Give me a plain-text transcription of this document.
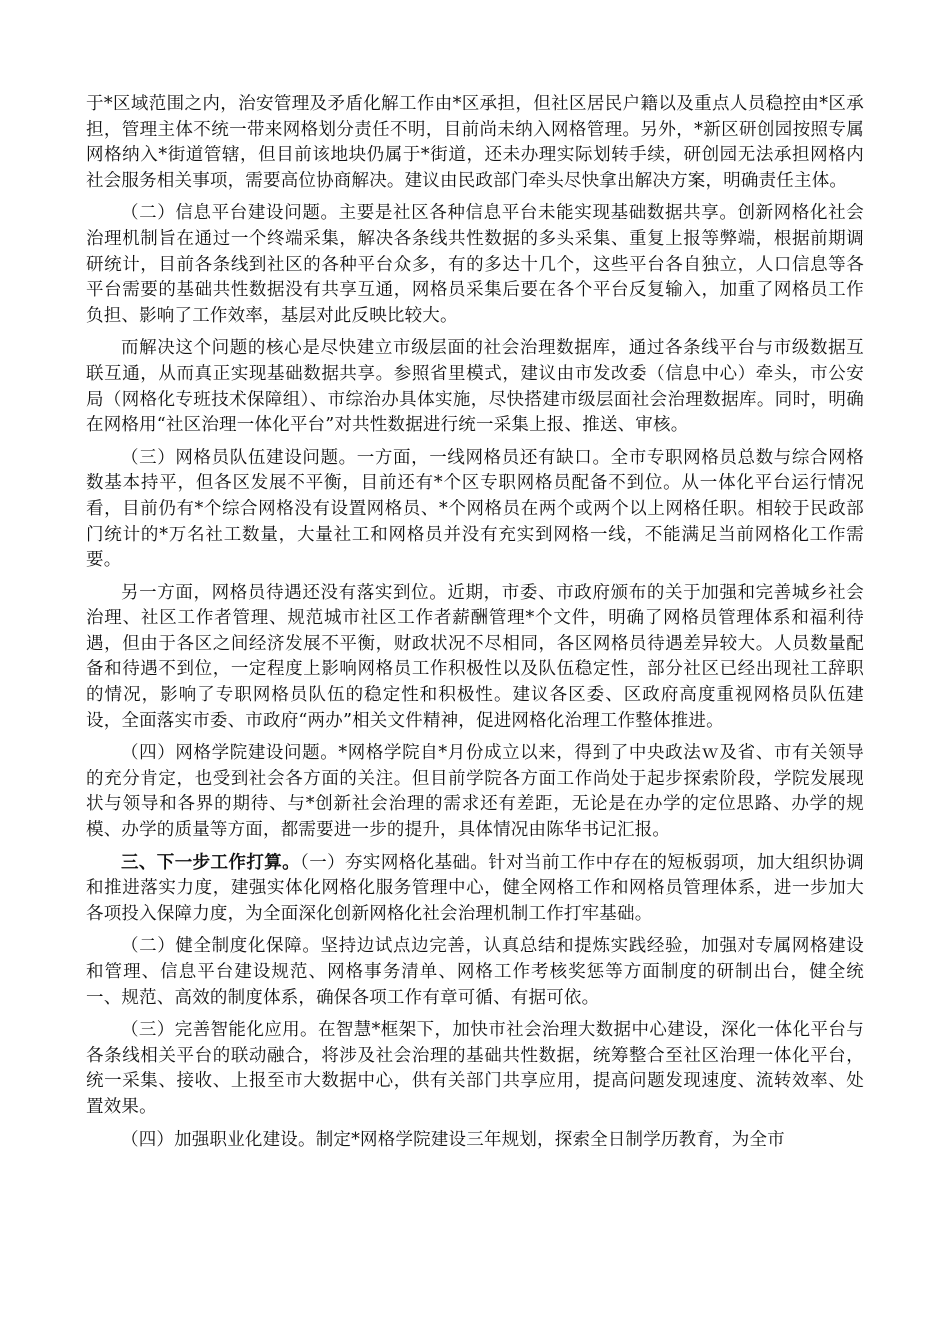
于*区域范围之内，治安管理及矛盾化解工作由*区承担，但社区居民户籍以及重点人员稳控由*区承担，管理主体不统一带来网格划分责任不明，目前尚未纳入网格管理。另外，*新区研创园按照专属网格纳入*街道管辖，但目前该地块仍属于*街道，还未办理实际划转手续，研创园无法承担网格内社会服务相关事项，需要高位协商解决。建议由民政部门牵头尽快拿出解决方案，明确责任主体。

（二）信息平台建设问题。主要是社区各种信息平台未能实现基础数据共享。创新网格化社会治理机制旨在通过一个终端采集，解决各条线共性数据的多头采集、重复上报等弊端，根据前期调研统计，目前各条线到社区的各种平台众多，有的多达十几个，这些平台各自独立，人口信息等各平台需要的基础共性数据没有共享互通，网格员采集后要在各个平台反复输入，加重了网格员工作负担、影响了工作效率，基层对此反映比较大。

而解决这个问题的核心是尽快建立市级层面的社会治理数据库，通过各条线平台与市级数据互联互通，从而真正实现基础数据共享。参照省里模式，建议由市发改委（信息中心）牵头，市公安局（网格化专班技术保障组）、市综治办具体实施，尽快搭建市级层面社会治理数据库。同时，明确在网格用“社区治理一体化平台”对共性数据进行统一采集上报、推送、审核。

（三）网格员队伍建设问题。一方面，一线网格员还有缺口。全市专职网格员总数与综合网格数基本持平，但各区发展不平衡，目前还有*个区专职网格员配备不到位。从一体化平台运行情况看，目前仍有*个综合网格没有设置网格员、*个网格员在两个或两个以上网格任职。相较于民政部门统计的*万名社工数量，大量社工和网格员并没有充实到网格一线，不能满足当前网格化工作需要。

另一方面，网格员待遇还没有落实到位。近期，市委、市政府颁布的关于加强和完善城乡社会治理、社区工作者管理、规范城市社区工作者薪酬管理*个文件，明确了网格员管理体系和福利待遇，但由于各区之间经济发展不平衡，财政状况不尽相同，各区网格员待遇差异较大。人员数量配备和待遇不到位，一定程度上影响网格员工作积极性以及队伍稳定性，部分社区已经出现社工辞职的情况，影响了专职网格员队伍的稳定性和积极性。建议各区委、区政府高度重视网格员队伍建设，全面落实市委、市政府“两办”相关文件精神，促进网格化治理工作整体推进。

（四）网格学院建设问题。*网格学院自*月份成立以来，得到了中央政法ｗ及省、市有关领导的充分肯定，也受到社会各方面的关注。但目前学院各方面工作尚处于起步探索阶段，学院发展现状与领导和各界的期待、与*创新社会治理的需求还有差距，无论是在办学的定位思路、办学的规模、办学的质量等方面，都需要进一步的提升，具体情况由陈华书记汇报。

三、下一步工作打算。（一）夯实网格化基础。针对当前工作中存在的短板弱项，加大组织协调和推进落实力度，建强实体化网格化服务管理中心，健全网格工作和网格员管理体系，进一步加大各项投入保障力度，为全面深化创新网格化社会治理机制工作打牢基础。

（二）健全制度化保障。坚持边试点边完善，认真总结和提炼实践经验，加强对专属网格建设和管理、信息平台建设规范、网格事务清单、网格工作考核奖惩等方面制度的研制出台，健全统一、规范、高效的制度体系，确保各项工作有章可循、有据可依。

（三）完善智能化应用。在智慧*框架下，加快市社会治理大数据中心建设，深化一体化平台与各条线相关平台的联动融合，将涉及社会治理的基础共性数据，统筹整合至社区治理一体化平台，统一采集、接收、上报至市大数据中心，供有关部门共享应用，提高问题发现速度、流转效率、处置效果。

（四）加强职业化建设。制定*网格学院建设三年规划，探索全日制学历教育，为全市
